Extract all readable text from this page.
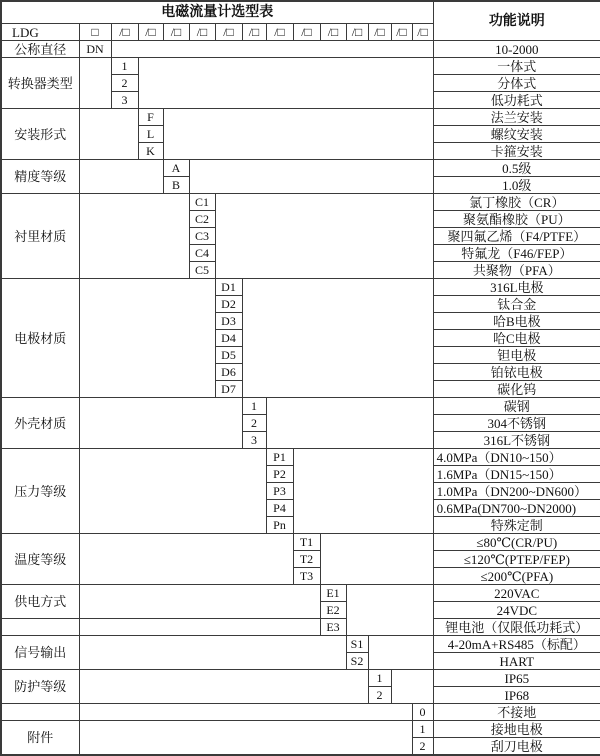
电磁流量计选型表															功能说明
LDG	□	/□	/□	/□	/□	/□	/□	/□	/□	/□	/□	/□	/□	/□	
公称直径	DN														10-2000
转换器类型		1													一体式
		2													分体式
		3													低功耗式
安装形式			F												法兰安装
			L												螺纹安装
			K												卡箍安装
精度等级				A											0.5级
				B											1.0级
衬里材质					C1										氯丁橡胶（CR）
					C2										聚氨酯橡胶（PU）
					C3										聚四氟乙烯（F4/PTFE）
					C4										特氟龙（F46/FEP）
					C5										共聚物（PFA）
电极材质						D1									316L电极
						D2									钛合金
						D3									哈B电极
						D4									哈C电极
						D5									钽电极
						D6									铂铱电极
						D7									碳化钨
外壳材质							1								碳钢
							2								304不锈钢
							3								316L不锈钢
压力等级								P1							4.0MPa（DN10~150）
								P2							1.6MPa（DN15~150）
								P3							1.0MPa（DN200~DN600）
								P4							0.6MPa(DN700~DN2000)
								Pn							特殊定制
温度等级									T1						≤80℃(CR/PU)
									T2						≤120℃(PTEP/FEP)
									T3						≤200℃(PFA)
供电方式										E1					220VAC
										E2					24VDC
										E3					锂电池（仅限低功耗式）
信号输出											S1				4-20mA+RS485（标配）
											S2				HART
防护等级												1			IP65
												2			IP68
														0	不接地
附件														1	接地电极
														2	刮刀电极
